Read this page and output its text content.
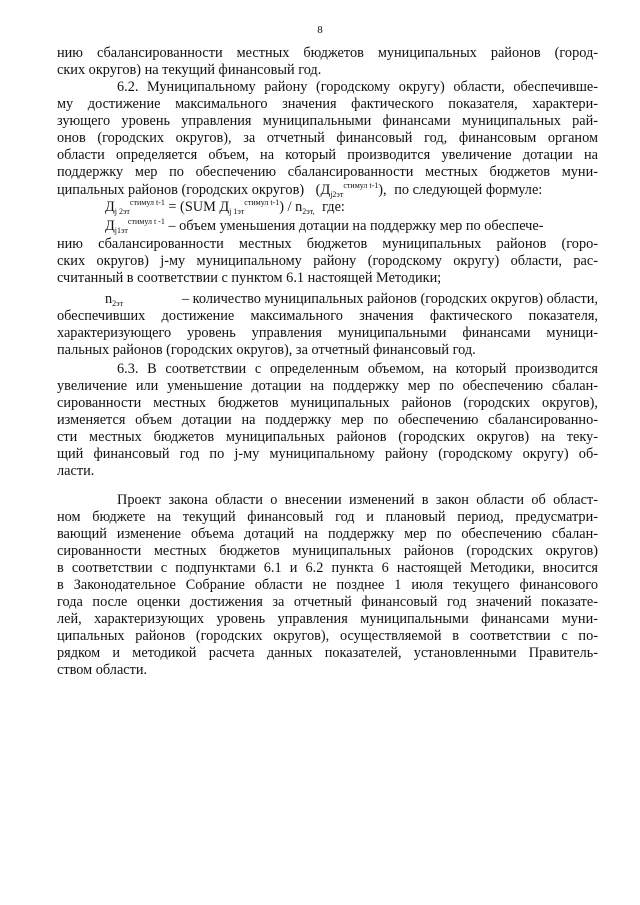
8
нию сбалансированности местных бюджетов муниципальных районов (город-
ских округов) на текущий финансовый год.
6.2. Муниципальному району (городскому округу) области, обеспечивше-
му достижение максимального значения фактического показателя, характери-
зующего уровень управления муниципальными финансами муниципальных рай-
онов (городских округов), за отчетный финансовый год, финансовым органом
области определяется объем, на который производится увеличение дотации на
поддержку мер по обеспечению сбалансированности местных бюджетов муни-
ципальных районов (городских округов) $(Д_{j2эт}^{стимул t-1})$, по следующей формуле:
$Д_{j 2эт}^{стимул t-1} = (SUM$ $Д_{j 1эт}^{стимул t-1}) / n_{2эт,}$ где:
$Д_{j1эт}^{стимул t -1}$ – объем уменьшения дотации на поддержку мер по обеспече-
нию сбалансированности местных бюджетов муниципальных районов (горо-
ских округов) j-му муниципальному району (городскому округу) области, рас-
считанный в соответствии с пунктом 6.1 настоящей Методики;
$n_{2эт}$	– количество муниципальных районов (городских округов) области,
обеспечивших достижение максимального значения фактического показателя,
характеризующего уровень управления муниципальными финансами муници-
пальных районов (городских округов), за отчетный финансовый год.
6.3. В соответствии с определенным объемом, на который производится
увеличение или уменьшение дотации на поддержку мер по обеспечению сбалан-
сированности местных бюджетов муниципальных районов (городских округов),
изменяется объем дотации на поддержку мер по обеспечению сбалансированно-
сти местных бюджетов муниципальных районов (городских округов) на теку-
щий финансовый год по j-му муниципальному району (городскому округу) об-
ласти.
Проект закона области о внесении изменений в закон области об област-
ном бюджете на текущий финансовый год и плановый период, предусматри-
вающий изменение объема дотаций на поддержку мер по обеспечению сбалан-
сированности местных бюджетов муниципальных районов (городских округов)
в соответствии с подпунктами 6.1 и 6.2 пункта 6 настоящей Методики, вносится
в Законодательное Собрание области не позднее 1 июля текущего финансового
года после оценки достижения за отчетный финансовый год значений показате-
лей, характеризующих уровень управления муниципальными финансами муни-
ципальных районов (городских округов), осуществляемой в соответствии с по-
рядком и методикой расчета данных показателей, установленными Правитель-
ством области.
